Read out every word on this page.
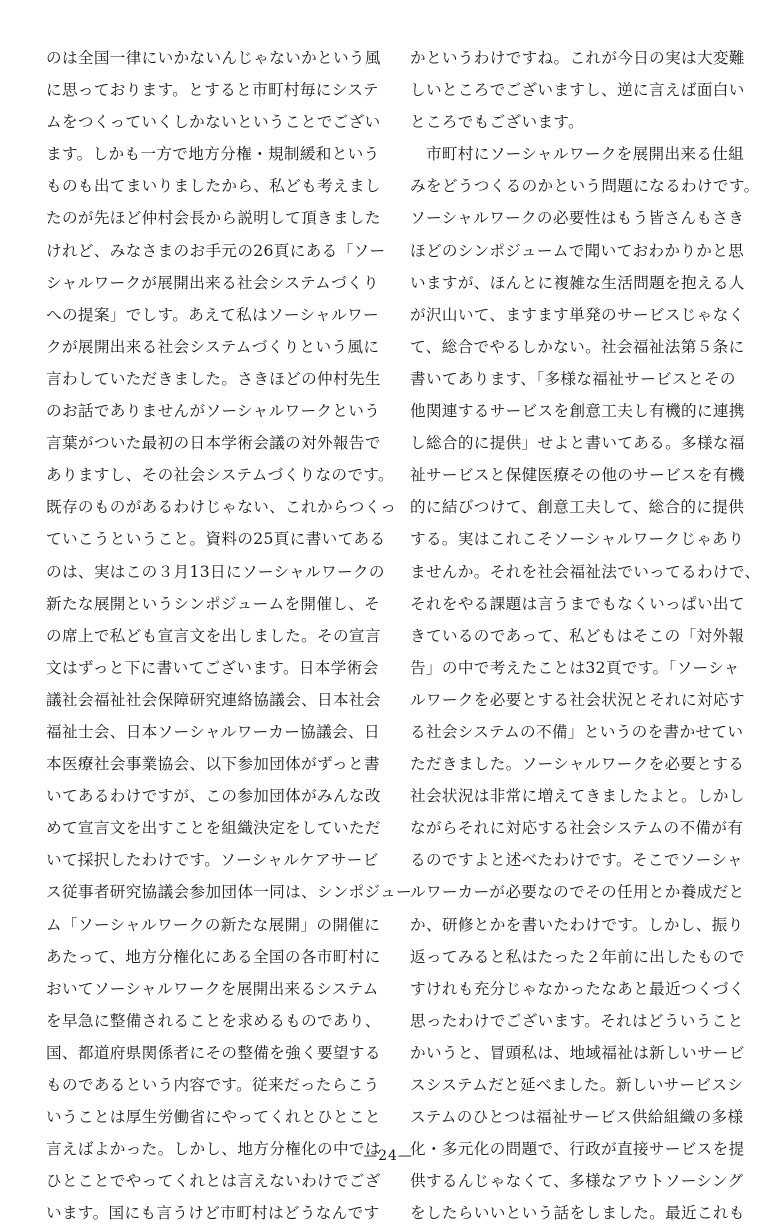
のは全国一律にいかないんじゃないかという風
に思っております。とすると市町村毎にシステ
ムをつくっていくしかないということでござい
ます。しかも一方で地方分権・規制緩和という
ものも出てまいりましたから、私ども考えまし
たのが先ほど仲村会長から説明して頂きました
けれど、みなさまのお手元の26頁にある「ソー
シャルワークが展開出来る社会システムづくり
への提案」でしす。あえて私はソーシャルワー
クが展開出来る社会システムづくりという風に
言わしていただきました。さきほどの仲村先生
のお話でありませんがソーシャルワークという
言葉がついた最初の日本学術会議の対外報告で
ありますし、その社会システムづくりなのです。
既存のものがあるわけじゃない、これからつくっ
ていこうということ。資料の25頁に書いてある
のは、実はこの３月13日にソーシャルワークの
新たな展開というシンポジュームを開催し、そ
の席上で私ども宣言文を出しました。その宣言
文はずっと下に書いてございます。日本学術会
議社会福祉社会保障研究連絡協議会、日本社会
福祉士会、日本ソーシャルワーカー協議会、日
本医療社会事業協会、以下参加団体がずっと書
いてあるわけですが、この参加団体がみんな改
めて宣言文を出すことを組織決定をしていただ
いて採択したわけです。ソーシャルケアサービ
ス従事者研究協議会参加団体一同は、シンポジュー
ム「ソーシャルワークの新たな展開」の開催に
あたって、地方分権化にある全国の各市町村に
おいてソーシャルワークを展開出来るシステム
を早急に整備されることを求めるものであり、
国、都道府県関係者にその整備を強く要望する
ものであるという内容です。従来だったらこう
いうことは厚生労働省にやってくれとひとこと
言えばよかった。しかし、地方分権化の中では
ひとことでやってくれとは言えないわけでござ
います。国にも言うけど市町村はどうなんです
かというわけですね。これが今日の実は大変難
しいところでございますし、逆に言えば面白い
ところでもございます。
　市町村にソーシャルワークを展開出来る仕組
みをどうつくるのかという問題になるわけです。
ソーシャルワークの必要性はもう皆さんもさき
ほどのシンポジュームで聞いておわかりかと思
いますが、ほんとに複雑な生活問題を抱える人
が沢山いて、ますます単発のサービスじゃなく
て、総合でやるしかない。社会福祉法第５条に
書いてあります、「多様な福祉サービスとその
他関連するサービスを創意工夫し有機的に連携
し総合的に提供」せよと書いてある。多様な福
祉サービスと保健医療その他のサービスを有機
的に結びつけて、創意工夫して、総合的に提供
する。実はこれこそソーシャルワークじゃあり
ませんか。それを社会福祉法でいってるわけで、
それをやる課題は言うまでもなくいっぱい出て
きているのであって、私どもはそこの「対外報
告」の中で考えたことは32頁です。「ソーシャ
ルワークを必要とする社会状況とそれに対応す
る社会システムの不備」というのを書かせてい
ただきました。ソーシャルワークを必要とする
社会状況は非常に増えてきましたよと。しかし
ながらそれに対応する社会システムの不備が有
るのですよと述べたわけです。そこでソーシャ
ルワーカーが必要なのでその任用とか養成だと
か、研修とかを書いたわけです。しかし、振り
返ってみると私はたった２年前に出したもので
すけれも充分じゃなかったなあと最近つくづく
思ったわけでございます。それはどういうこと
かいうと、冒頭私は、地域福祉は新しいサービ
スシステムだと延べました。新しいサービスシ
ステムのひとつは福祉サービス供給組織の多様
化・多元化の問題で、行政が直接サービスを提
供するんじゃなくて、多様なアウトソーシング
をしたらいいという話をしました。最近これも
—24—
